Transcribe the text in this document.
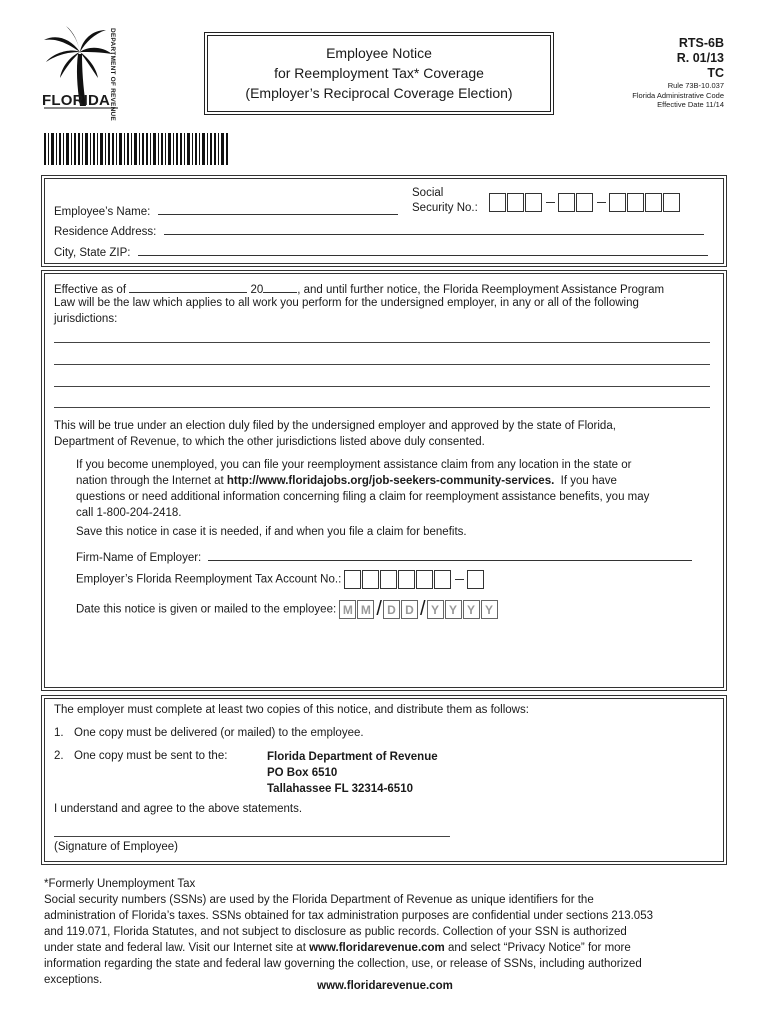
DEPARTMENT OF REVENUE
FLORIDA
Employee Notice
for Reemployment Tax* Coverage
(Employer’s Reciprocal Coverage Election)
RTS-6B
R. 01/13
TC
Rule 73B-10.037
Florida Administrative Code
Effective Date 11/14
Employee’s Name:
Social
Security No.:
Residence Address:
City, State ZIP:
Effective as of	20	, and until further notice, the Florida Reemployment Assistance Program
Law will be the law which applies to all work you perform for the undersigned employer, in any or all of the following
jurisdictions:
This will be true under an election duly filed by the undersigned employer and approved by the state of Florida,
Department of Revenue, to which the other jurisdictions listed above duly consented.
If you become unemployed, you can file your reemployment assistance claim from any location in the state or
nation through the Internet at http://www.floridajobs.org/job-seekers-community-services.  If you have
questions or need additional information concerning filing a claim for reemployment assistance benefits, you may
call 1-800-204-2418.
Save this notice in case it is needed, if and when you file a claim for benefits.
Firm-Name of Employer:
Employer’s Florida Reemployment Tax Account No.:
Date this notice is given or mailed to the employee: M M / D D / Y Y Y Y
The employer must complete at least two copies of this notice, and distribute them as follows:
1. One copy must be delivered (or mailed) to the employee.
2. One copy must be sent to the:	Florida Department of Revenue
PO Box 6510
Tallahassee FL 32314-6510
I understand and agree to the above statements.
(Signature of Employee)
*Formerly Unemployment Tax
Social security numbers (SSNs) are used by the Florida Department of Revenue as unique identifiers for the
administration of Florida’s taxes. SSNs obtained for tax administration purposes are confidential under sections 213.053
and 119.071, Florida Statutes, and not subject to disclosure as public records. Collection of your SSN is authorized
under state and federal law. Visit our Internet site at www.floridarevenue.com and select “Privacy Notice” for more
information regarding the state and federal law governing the collection, use, or release of SSNs, including authorized
exceptions.	www.floridarevenue.com
